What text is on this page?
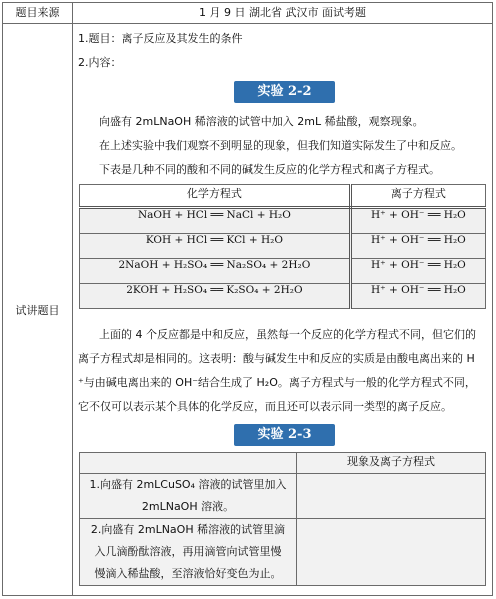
题目来源	1 月 9 日 湖北省 武汉市 面试考题
试讲题目	
1.题目：离子反应及其发生的条件
2.内容：
实验 2-2
向盛有 2mLNaOH 稀溶液的试管中加入 2mL 稀盐酸，观察现象。
在上述实验中我们观察不到明显的现象，但我们知道实际发生了中和反应。
下表是几种不同的酸和不同的碱发生反应的化学方程式和离子方程式。
化学方程式	离子方程式
NaOH + HCl ══ NaCl + H₂O	H⁺ + OH⁻ ══ H₂O
KOH + HCl ══ KCl + H₂O	H⁺ + OH⁻ ══ H₂O
2NaOH + H₂SO₄ ══ Na₂SO₄ + 2H₂O	H⁺ + OH⁻ ══ H₂O
2KOH + H₂SO₄ ══ K₂SO₄ + 2H₂O	H⁺ + OH⁻ ══ H₂O
上面的 4 个反应都是中和反应，虽然每一个反应的化学方程式不同，但它们的
离子方程式却是相同的。这表明：酸与碱发生中和反应的实质是由酸电离出来的 H
⁺与由碱电离出来的 OH⁻结合生成了 H₂O。离子方程式与一般的化学方程式不同，
它不仅可以表示某个具体的化学反应，而且还可以表示同一类型的离子反应。
实验 2-3
	现象及离子方程式

1.向盛有 2mLCuSO₄ 溶液的试管里加入
2mLNaOH 溶液。

2.向盛有 2mLNaOH 稀溶液的试管里滴
入几滴酚酞溶液，再用滴管向试管里慢
慢滴入稀盐酸，至溶液恰好变色为止。
